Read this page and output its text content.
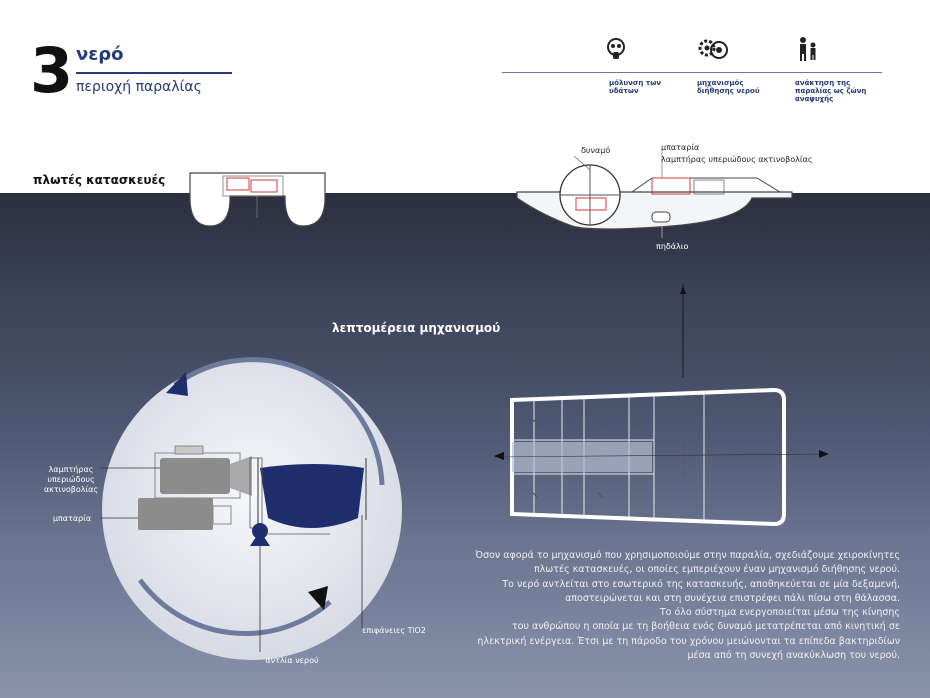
3 νερό
περιοχή παραλίας	μόλυνση των υδάτων
μηχανισμός διήθησης νερού
ανάκτηση της παραλίας ως ζώνη αναψυχής
πλωτές κατασκευές
δυναμό	μπαταρία
λαμπτήρας υπεριώδους ακτινοβολίας
πηδάλιο
λεπτομέρεια μηχανισμού
λαμπτήρας υπεριώδους ακτινοβολίας
μπαταρία
επιφάνειες TiO2
αντλία νερού
Όσον αφορά το μηχανισμό που χρησιμοποιούμε στην παραλία, σχεδιάζουμε χειροκίνητες
πλωτές κατασκευές, οι οποίες εμπεριέχουν έναν μηχανισμό διήθησης νερού.
Το νερό αντλείται στο εσωτερικό της κατασκευής, αποθηκεύεται σε μία δεξαμενή,
αποστειρώνεται και στη συνέχεια επιστρέφει πάλι πίσω στη θάλασσα.
Το όλο σύστημα ενεργοποιείται μέσω της κίνησης
του ανθρώπου η οποία με τη βοήθεια ενός δυναμό μετατρέπεται από κινητική σε
ηλεκτρική ενέργεια. Έτσι με τη πάροδο του χρόνου μειώνονται τα επίπεδα βακτηριδίων
μέσα από τη συνεχή ανακύκλωση του νερού.
